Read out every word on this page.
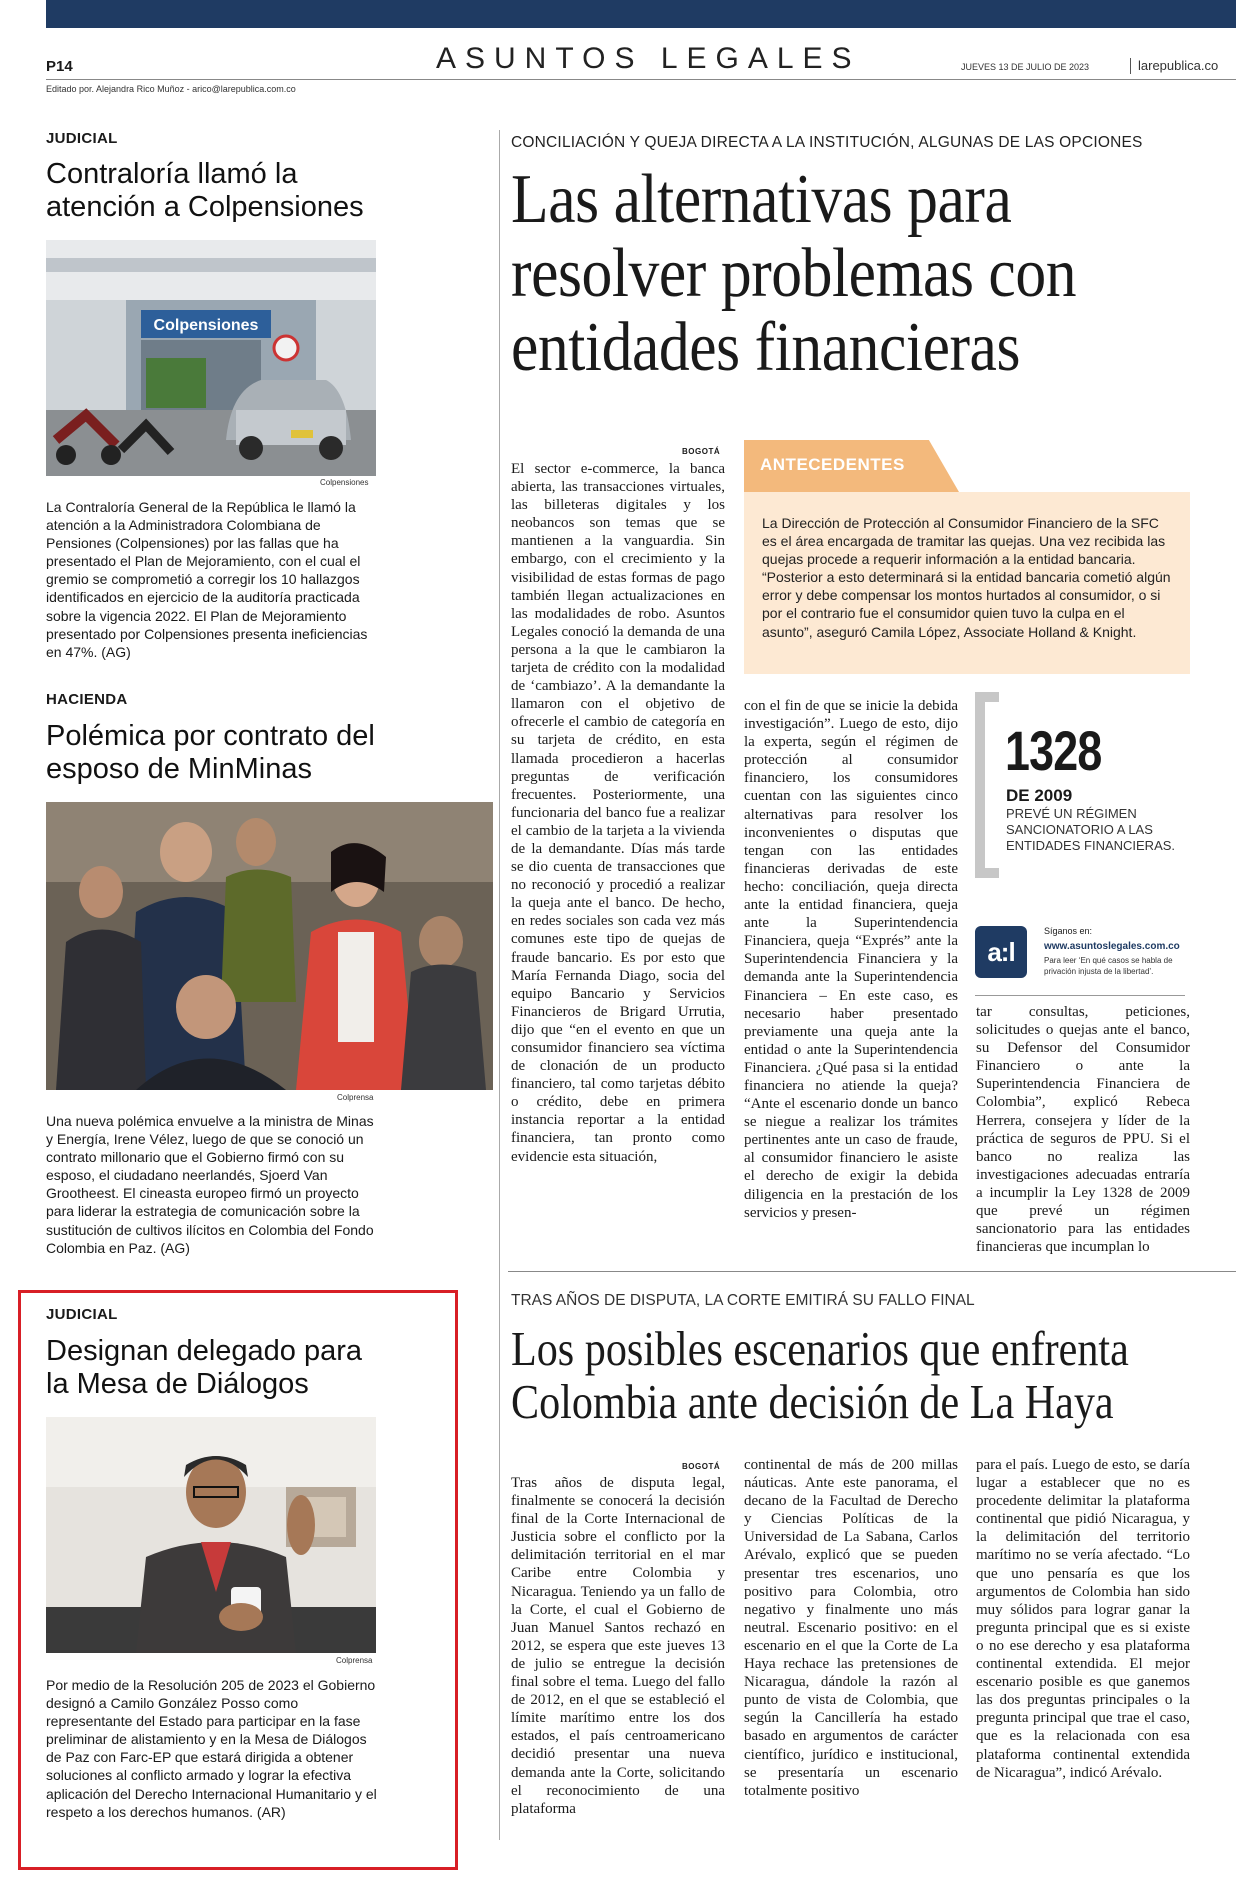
P14	ASUNTOS LEGALES	JUEVES 13 DE JULIO DE 2023	larepublica.co
Editado por. Alejandra Rico Muñoz - arico@larepublica.com.co
JUDICIAL
Contraloría llamó la atención a Colpensiones
Colpensiones
Colpensiones
La Contraloría General de la República le llamó la atención a la Administradora Colombiana de Pensiones (Colpensiones) por las fallas que ha presentado el Plan de Mejoramiento, con el cual el gremio se comprometió a corregir los 10 hallazgos identificados en ejercicio de la auditoría practicada sobre la vigencia 2022. El Plan de Mejoramiento presentado por Colpensiones presenta ineficiencias en 47%. (AG)
HACIENDA
Polémica por contrato del esposo de MinMinas
Colprensa
Una nueva polémica envuelve a la ministra de Minas y Energía, Irene Vélez, luego de que se conoció un contrato millonario que el Gobierno firmó con su esposo, el ciudadano neerlandés, Sjoerd Van Grootheest. El cineasta europeo firmó un proyecto para liderar la estrategia de comunicación sobre la sustitución de cultivos ilícitos en Colombia del Fondo Colombia en Paz. (AG)
JUDICIAL
Designan delegado para la Mesa de Diálogos
Colprensa
Por medio de la Resolución 205 de 2023 el Gobierno designó a Camilo González Posso como representante del Estado para participar en la fase preliminar de alistamiento y en la Mesa de Diálogos de Paz con Farc-EP que estará dirigida a obtener soluciones al conflicto armado y lograr la efectiva aplicación del Derecho Internacional Humanitario y el respeto a los derechos humanos. (AR)
CONCILIACIÓN Y QUEJA DIRECTA A LA INSTITUCIÓN, ALGUNAS DE LAS OPCIONES
Las alternativas para resolver problemas con entidades financieras
BOGOTÁ
El sector e-commerce, la banca abierta, las transacciones virtuales, las billeteras digitales y los neobancos son temas que se mantienen a la vanguardia. Sin embargo, con el crecimiento y la visibilidad de estas formas de pago también llegan actualizaciones en las modalidades de robo. Asuntos Legales conoció la demanda de una persona a la que le cambiaron la tarjeta de crédito con la modalidad de ‘cambiazo’. A la demandante la llamaron con el objetivo de ofrecerle el cambio de categoría en su tarjeta de crédito, en esta llamada procedieron a hacerlas preguntas de verificación frecuentes. Posteriormente, una funcionaria del banco fue a realizar el cambio de la tarjeta a la vivienda de la demandante. Días más tarde se dio cuenta de transacciones que no reconoció y procedió a realizar la queja ante el banco. De hecho, en redes sociales son cada vez más comunes este tipo de quejas de fraude bancario. Es por esto que María Fernanda Diago, socia del equipo Bancario y Servicios Financieros de Brigard Urrutia, dijo que “en el evento en que un consumidor financiero sea víctima de clonación de un producto financiero, tal como tarjetas débito o crédito, debe en primera instancia reportar a la entidad financiera, tan pronto como evidencie esta situación,
con el fin de que se inicie la debida investigación”. Luego de esto, dijo la experta, según el régimen de protección al consumidor financiero, los consumidores cuentan con las siguientes cinco alternativas para resolver los inconvenientes o disputas que tengan con las entidades financieras derivadas de este hecho: conciliación, queja directa ante la entidad financiera, queja ante la Superintendencia Financiera, queja “Exprés” ante la Superintendencia Financiera y la demanda ante la Superintendencia Financiera – En este caso, es necesario haber presentado previamente una queja ante la entidad o ante la Superintendencia Financiera. ¿Qué pasa si la entidad financiera no atiende la queja? “Ante el escenario donde un banco se niegue a realizar los trámites pertinentes ante un caso de fraude, al consumidor financiero le asiste el derecho de exigir la debida diligencia en la prestación de los servicios y presen-
tar consultas, peticiones, solicitudes o quejas ante el banco, su Defensor del Consumidor Financiero o ante la Superintendencia Financiera de Colombia”, explicó Rebeca Herrera, consejera y líder de la práctica de seguros de PPU. Si el banco no realiza las investigaciones adecuadas entraría a incumplir la Ley 1328 de 2009 que prevé un régimen sancionatorio para las entidades financieras que incumplan lo
ANTECEDENTES
La Dirección de Protección al Consumidor Financiero de la SFC es el área encargada de tramitar las quejas. Una vez recibida las quejas procede a requerir información a la entidad bancaria. “Posterior a esto determinará si la entidad bancaria cometió algún error y debe compensar los montos hurtados al consumidor, o si por el contrario fue el consumidor quien tuvo la culpa en el asunto”, aseguró Camila López, Associate Holland & Knight.
1328
DE 2009
PREVÉ UN RÉGIMEN SANCIONATORIO A LAS ENTIDADES FINANCIERAS.
a:l
Síganos en:
www.asuntoslegales.com.co
Para leer ‘En qué casos se habla de privación injusta de la libertad’.
TRAS AÑOS DE DISPUTA, LA CORTE EMITIRÁ SU FALLO FINAL
Los posibles escenarios que enfrenta
Colombia ante decisión de La Haya
BOGOTÁ
Tras años de disputa legal, finalmente se conocerá la decisión final de la Corte Internacional de Justicia sobre el conflicto por la delimitación territorial en el mar Caribe entre Colombia y Nicaragua. Teniendo ya un fallo de la Corte, el cual el Gobierno de Juan Manuel Santos rechazó en 2012, se espera que este jueves 13 de julio se entregue la decisión final sobre el tema. Luego del fallo de 2012, en el que se estableció el límite marítimo entre los dos estados, el país centroamericano decidió presentar una nueva demanda ante la Corte, solicitando el reconocimiento de una plataforma
continental de más de 200 millas náuticas. Ante este panorama, el decano de la Facultad de Derecho y Ciencias Políticas de la Universidad de La Sabana, Carlos Arévalo, explicó que se pueden presentar tres escenarios, uno positivo para Colombia, otro negativo y finalmente uno más neutral. Escenario positivo: en el escenario en el que la Corte de La Haya rechace las pretensiones de Nicaragua, dándole la razón al punto de vista de Colombia, que según la Cancillería ha estado basado en argumentos de carácter científico, jurídico e institucional, se presentaría un escenario totalmente positivo
para el país. Luego de esto, se daría lugar a establecer que no es procedente delimitar la plataforma continental que pidió Nicaragua, y la delimitación del territorio marítimo no se vería afectado. “Lo que uno pensaría es que los argumentos de Colombia han sido muy sólidos para lograr ganar la pregunta principal que es si existe o no ese derecho y esa plataforma continental extendida. El mejor escenario posible es que ganemos las dos preguntas principales o la pregunta principal que trae el caso, que es la relacionada con esa plataforma continental extendida de Nicaragua”, indicó Arévalo.
